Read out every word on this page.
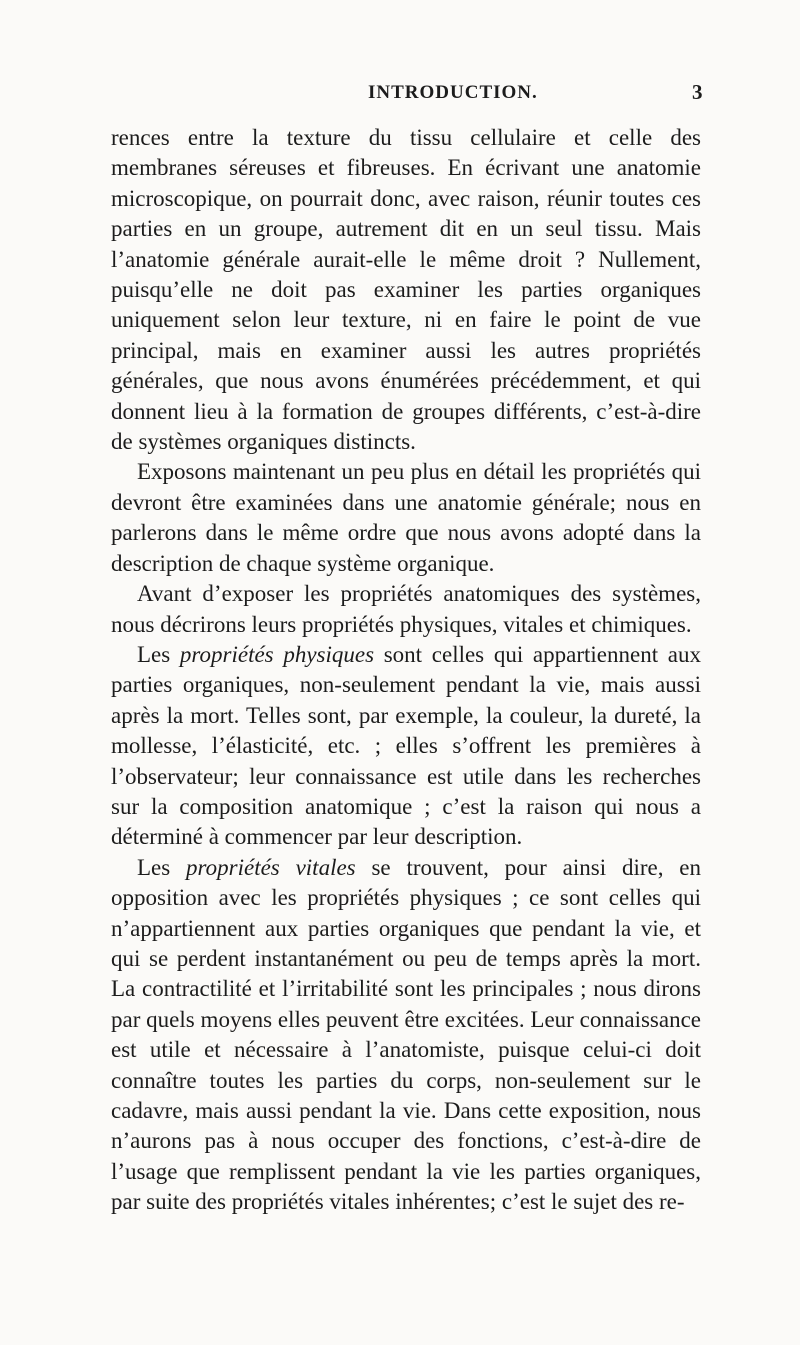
INTRODUCTION.	3

rences entre la texture du tissu cellulaire et celle des membranes séreuses et fibreuses. En écrivant une anatomie microscopique, on pourrait donc, avec raison, réunir toutes ces parties en un groupe, autrement dit en un seul tissu. Mais l’anatomie générale aurait-elle le même droit ? Nullement, puisqu’elle ne doit pas examiner les parties organiques uniquement selon leur texture, ni en faire le point de vue principal, mais en examiner aussi les autres propriétés générales, que nous avons énumérées précédemment, et qui donnent lieu à la formation de groupes différents, c’est-à-dire de systèmes organiques distincts.

Exposons maintenant un peu plus en détail les propriétés qui devront être examinées dans une anatomie générale; nous en parlerons dans le même ordre que nous avons adopté dans la description de chaque système organique.

Avant d’exposer les propriétés anatomiques des systèmes, nous décrirons leurs propriétés physiques, vitales et chimiques.

Les propriétés physiques sont celles qui appartiennent aux parties organiques, non-seulement pendant la vie, mais aussi après la mort. Telles sont, par exemple, la couleur, la dureté, la mollesse, l’élasticité, etc. ; elles s’offrent les premières à l’observateur; leur connaissance est utile dans les recherches sur la composition anatomique ; c’est la raison qui nous a déterminé à commencer par leur description.

Les propriétés vitales se trouvent, pour ainsi dire, en opposition avec les propriétés physiques ; ce sont celles qui n’appartiennent aux parties organiques que pendant la vie, et qui se perdent instantanément ou peu de temps après la mort. La contractilité et l’irritabilité sont les principales ; nous dirons par quels moyens elles peuvent être excitées. Leur connaissance est utile et nécessaire à l’anatomiste, puisque celui-ci doit connaître toutes les parties du corps, non-seulement sur le cadavre, mais aussi pendant la vie. Dans cette exposition, nous n’aurons pas à nous occuper des fonctions, c’est-à-dire de l’usage que remplissent pendant la vie les parties organiques, par suite des propriétés vitales inhérentes; c’est le sujet des re-
